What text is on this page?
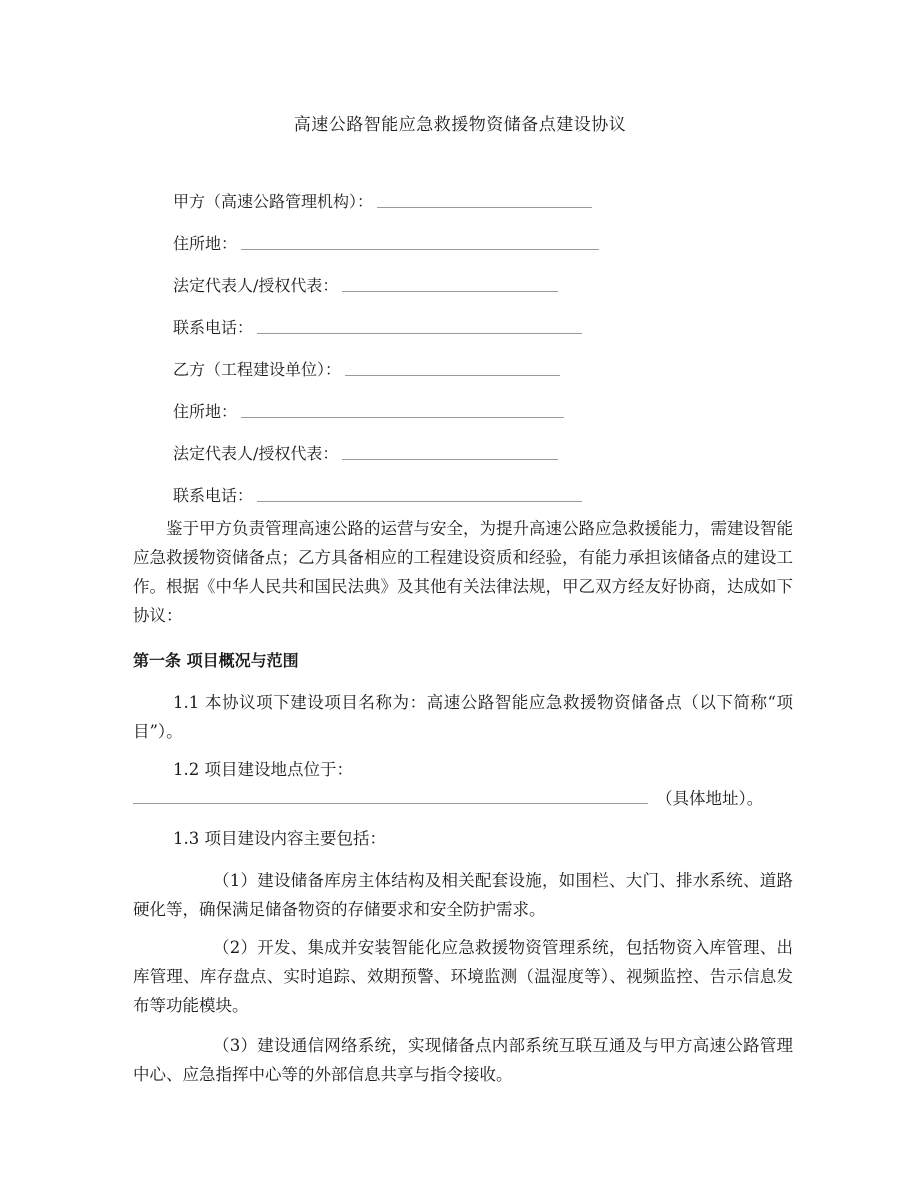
高速公路智能应急救援物资储备点建设协议
甲方（高速公路管理机构）：
住所地：
法定代表人/授权代表：
联系电话：
乙方（工程建设单位）：
住所地：
法定代表人/授权代表：
联系电话：
鉴于甲方负责管理高速公路的运营与安全，为提升高速公路应急救援能力，需建设智能应急救援物资储备点；乙方具备相应的工程建设资质和经验，有能力承担该储备点的建设工作。根据《中华人民共和国民法典》及其他有关法律法规，甲乙双方经友好协商，达成如下协议：
第一条 项目概况与范围
1.1 本协议项下建设项目名称为：高速公路智能应急救援物资储备点（以下简称“项目”）。
1.2 项目建设地点位于：
（具体地址）。
1.3 项目建设内容主要包括：
（1）建设储备库房主体结构及相关配套设施，如围栏、大门、排水系统、道路硬化等，确保满足储备物资的存储要求和安全防护需求。
（2）开发、集成并安装智能化应急救援物资管理系统，包括物资入库管理、出库管理、库存盘点、实时追踪、效期预警、环境监测（温湿度等）、视频监控、告示信息发布等功能模块。
（3）建设通信网络系统，实现储备点内部系统互联互通及与甲方高速公路管理中心、应急指挥中心等的外部信息共享与指令接收。
